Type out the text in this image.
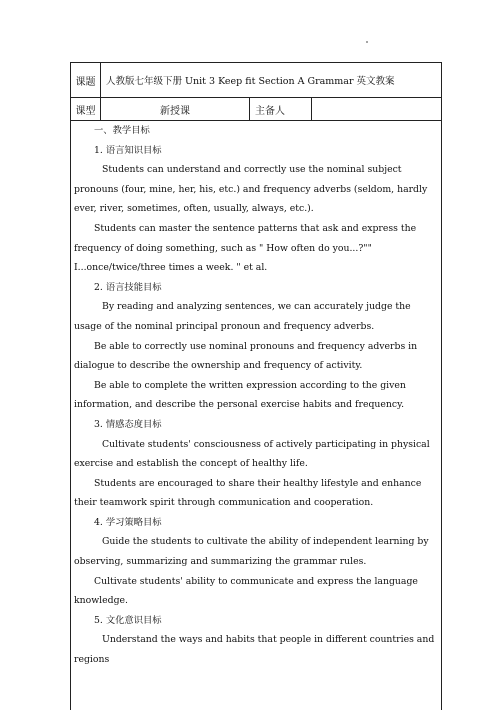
课题	人教版七年级下册 Unit 3 Keep fit Section A Grammar 英文教案
课型	新授课	主备人

一、教学目标

1. 语言知识目标

Students can understand and correctly use the nominal subject pronouns (four, mine, her, his, etc.) and frequency adverbs (seldom, hardly ever, river, sometimes, often, usually, always, etc.).

Students can master the sentence patterns that ask and express the frequency of doing something, such as " How often do you...?"" I...once/twice/three times a week. " et al.

2. 语言技能目标

By reading and analyzing sentences, we can accurately judge the usage of the nominal principal pronoun and frequency adverbs.

Be able to correctly use nominal pronouns and frequency adverbs in dialogue to describe the ownership and frequency of activity.

Be able to complete the written expression according to the given information, and describe the personal exercise habits and frequency.

3. 情感态度目标

Cultivate students' consciousness of actively participating in physical exercise and establish the concept of healthy life.

Students are encouraged to share their healthy lifestyle and enhance their teamwork spirit through communication and cooperation.

4. 学习策略目标

Guide the students to cultivate the ability of independent learning by observing, summarizing and summarizing the grammar rules.

Cultivate students' ability to communicate and express the language knowledge.

5. 文化意识目标

Understand the ways and habits that people in different countries and regions
